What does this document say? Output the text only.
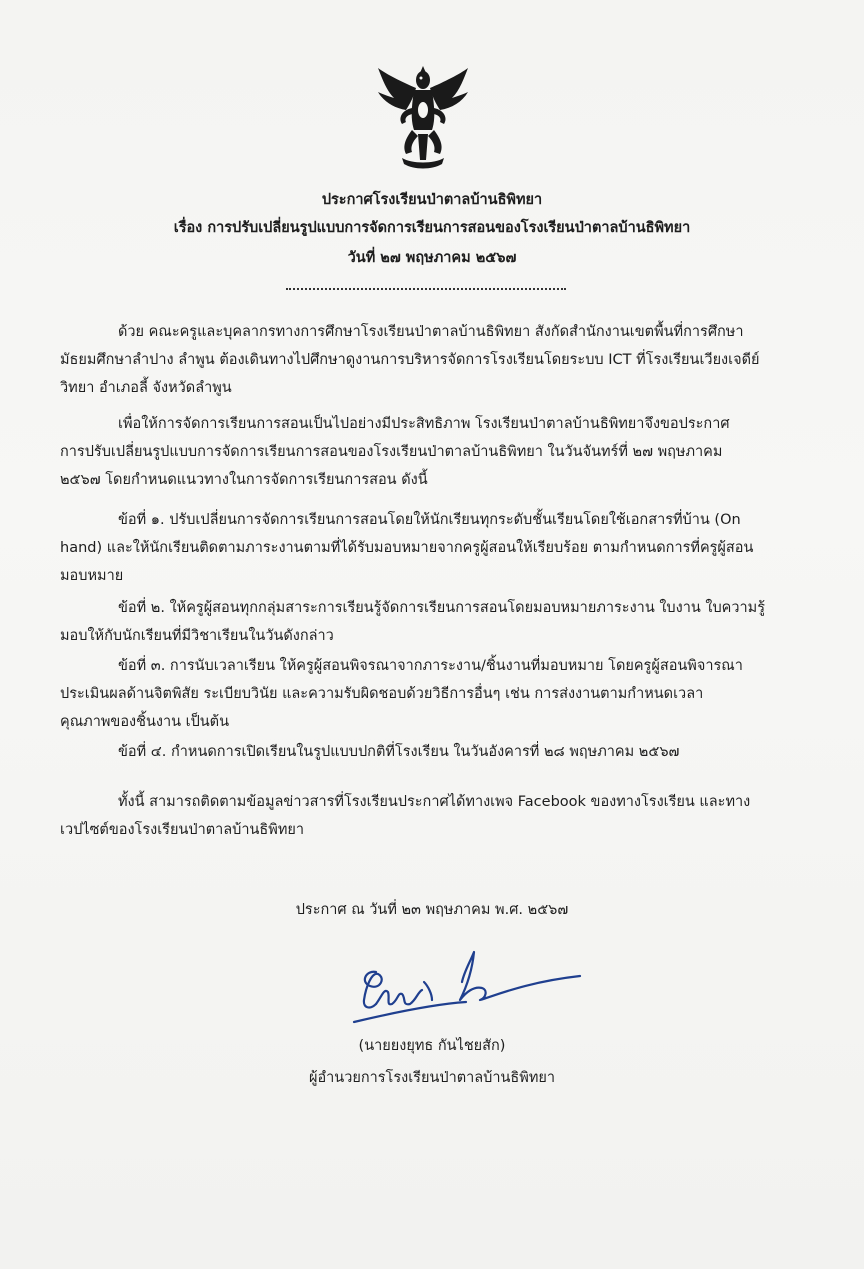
ประกาศโรงเรียนป่าตาลบ้านธิพิทยา
เรื่อง การปรับเปลี่ยนรูปแบบการจัดการเรียนการสอนของโรงเรียนป่าตาลบ้านธิพิทยา
วันที่ ๒๗ พฤษภาคม ๒๕๖๗
ด้วย คณะครูและบุคลากรทางการศึกษาโรงเรียนป่าตาลบ้านธิพิทยา สังกัดสำนักงานเขตพื้นที่การศึกษา
มัธยมศึกษาลำปาง ลำพูน ต้องเดินทางไปศึกษาดูงานการบริหารจัดการโรงเรียนโดยระบบ ICT ที่โรงเรียนเวียงเจดีย์
วิทยา อำเภอลี้ จังหวัดลำพูน
เพื่อให้การจัดการเรียนการสอนเป็นไปอย่างมีประสิทธิภาพ โรงเรียนป่าตาลบ้านธิพิทยาจึงขอประกาศ
การปรับเปลี่ยนรูปแบบการจัดการเรียนการสอนของโรงเรียนป่าตาลบ้านธิพิทยา ในวันจันทร์ที่ ๒๗ พฤษภาคม
๒๕๖๗ โดยกำหนดแนวทางในการจัดการเรียนการสอน ดังนี้
ข้อที่ ๑. ปรับเปลี่ยนการจัดการเรียนการสอนโดยให้นักเรียนทุกระดับชั้นเรียนโดยใช้เอกสารที่บ้าน (On
hand) และให้นักเรียนติดตามภาระงานตามที่ได้รับมอบหมายจากครูผู้สอนให้เรียบร้อย ตามกำหนดการที่ครูผู้สอน
มอบหมาย
ข้อที่ ๒. ให้ครูผู้สอนทุกกลุ่มสาระการเรียนรู้จัดการเรียนการสอนโดยมอบหมายภาระงาน ใบงาน ใบความรู้
มอบให้กับนักเรียนที่มีวิชาเรียนในวันดังกล่าว
ข้อที่ ๓. การนับเวลาเรียน ให้ครูผู้สอนพิจรณาจากภาระงาน/ชิ้นงานที่มอบหมาย โดยครูผู้สอนพิจารณา
ประเมินผลด้านจิตพิสัย ระเบียบวินัย และความรับผิดชอบด้วยวิธีการอื่นๆ เช่น การส่งงานตามกำหนดเวลา
คุณภาพของชิ้นงาน เป็นต้น
ข้อที่ ๔. กำหนดการเปิดเรียนในรูปแบบปกติที่โรงเรียน ในวันอังคารที่ ๒๘ พฤษภาคม ๒๕๖๗
ทั้งนี้ สามารถติดตามข้อมูลข่าวสารที่โรงเรียนประกาศได้ทางเพจ Facebook ของทางโรงเรียน และทาง
เวปไซต์ของโรงเรียนป่าตาลบ้านธิพิทยา
ประกาศ ณ วันที่ ๒๓ พฤษภาคม พ.ศ. ๒๕๖๗
(นายยงยุทธ กันไชยสัก)
ผู้อำนวยการโรงเรียนป่าตาลบ้านธิพิทยา
